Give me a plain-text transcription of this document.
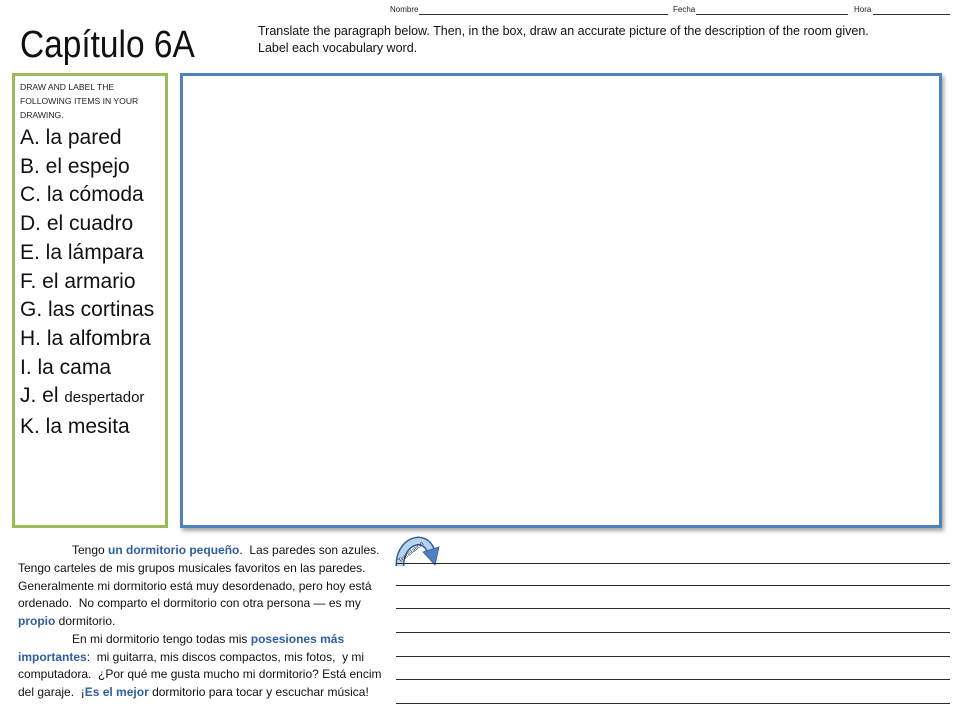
Nombre	Fecha	Hora
Capítulo 6A	Translate the paragraph below. Then, in the box, draw an accurate picture of the description of the room given.
Label each vocabulary word.
DRAW AND LABEL THE FOLLOWING ITEMS IN YOUR DRAWING.
A. la pared
B. el espejo
C. la cómoda
D. el cuadro
E. la lámpara
F. el armario
G. las cortinas
H. la alfombra
I. la cama
J. el despertador
K. la mesita
Tengo un dormitorio pequeño.  Las paredes son azules.
Tengo carteles de mis grupos musicales favoritos en las paredes.
Generalmente mi dormitorio está muy desordenado, pero hoy está
ordenado.  No comparto el dormitorio con otra persona — es my
propio dormitorio.
En mi dormitorio tengo todas mis posesiones más
importantes:  mi guitarra, mis discos compactos, mis fotos,  y mi
computadora.  ¿Por qué me gusta mucho mi dormitorio? Está encim
del garaje.  ¡Es el mejor dormitorio para tocar y escuchar música!
Translation
